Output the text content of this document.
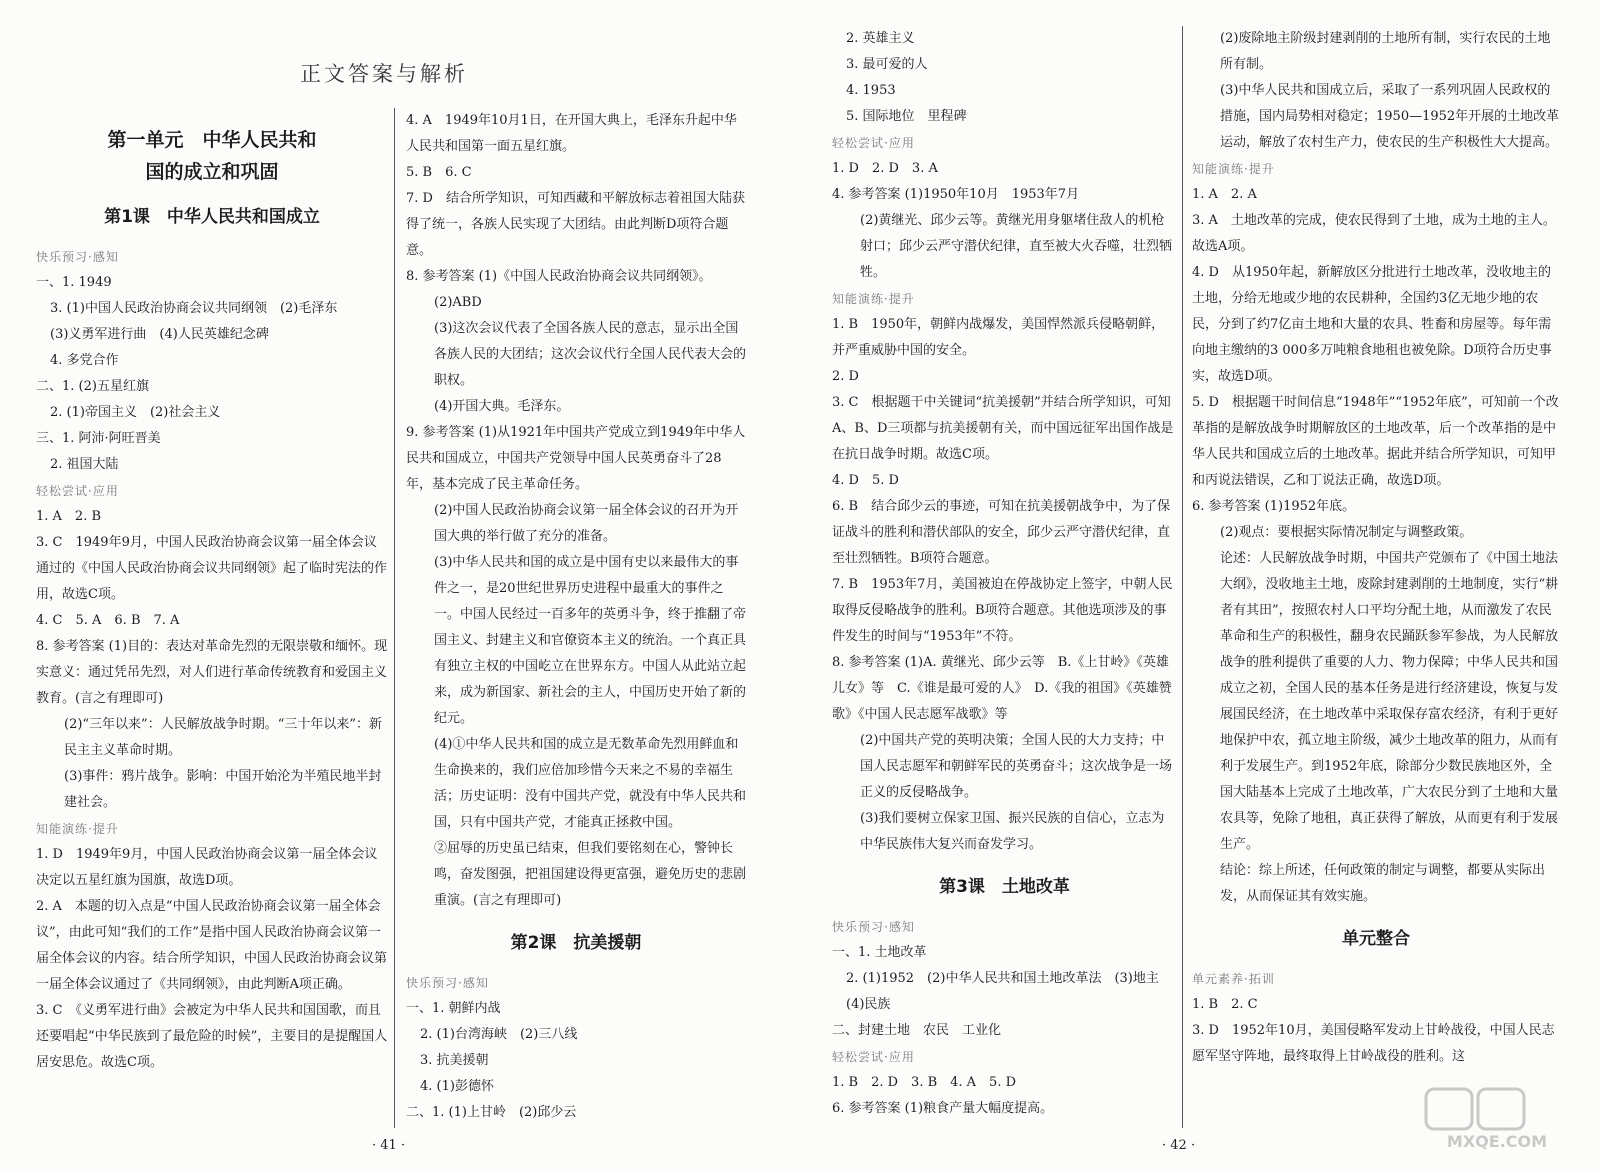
正文答案与解析
第一单元　中华人民共和
国的成立和巩固
第1课　中华人民共和国成立

快乐预习·感知

一、1. 1949

3. (1)中国人民政治协商会议共同纲领　(2)毛泽东

(3)义勇军进行曲　(4)人民英雄纪念碑

4. 多党合作

二、1. (2)五星红旗

2. (1)帝国主义　(2)社会主义

三、1. 阿沛·阿旺晋美

2. 祖国大陆

轻松尝试·应用

1. A　2. B

3. C　1949年9月，中国人民政治协商会议第一届全体会议通过的《中国人民政治协商会议共同纲领》起了临时宪法的作用，故选C项。

4. C　5. A　6. B　7. A

8. 参考答案 (1)目的：表达对革命先烈的无限崇敬和缅怀。现实意义：通过凭吊先烈，对人们进行革命传统教育和爱国主义教育。(言之有理即可)

(2)“三年以来”：人民解放战争时期。“三十年以来”：新民主主义革命时期。

(3)事件：鸦片战争。影响：中国开始沦为半殖民地半封建社会。

知能演练·提升

1. D　1949年9月，中国人民政治协商会议第一届全体会议决定以五星红旗为国旗，故选D项。

2. A　本题的切入点是“中国人民政治协商会议第一届全体会议”，由此可知“我们的工作”是指中国人民政治协商会议第一届全体会议的内容。结合所学知识，中国人民政治协商会议第一届全体会议通过了《共同纲领》，由此判断A项正确。

3. C　《义勇军进行曲》会被定为中华人民共和国国歌，而且还要唱起“中华民族到了最危险的时候”，主要目的是提醒国人居安思危。故选C项。

4. A　1949年10月1日，在开国大典上，毛泽东升起中华人民共和国第一面五星红旗。

5. B　6. C

7. D　结合所学知识，可知西藏和平解放标志着祖国大陆获得了统一，各族人民实现了大团结。由此判断D项符合题意。

8. 参考答案 (1)《中国人民政治协商会议共同纲领》。

(2)ABD

(3)这次会议代表了全国各族人民的意志，显示出全国各族人民的大团结；这次会议代行全国人民代表大会的职权。

(4)开国大典。毛泽东。

9. 参考答案 (1)从1921年中国共产党成立到1949年中华人民共和国成立，中国共产党领导中国人民英勇奋斗了28年，基本完成了民主革命任务。

(2)中国人民政治协商会议第一届全体会议的召开为开国大典的举行做了充分的准备。

(3)中华人民共和国的成立是中国有史以来最伟大的事件之一，是20世纪世界历史进程中最重大的事件之一。中国人民经过一百多年的英勇斗争，终于推翻了帝国主义、封建主义和官僚资本主义的统治。一个真正具有独立主权的中国屹立在世界东方。中国人从此站立起来，成为新国家、新社会的主人，中国历史开始了新的纪元。

(4)①中华人民共和国的成立是无数革命先烈用鲜血和生命换来的，我们应倍加珍惜今天来之不易的幸福生活；历史证明：没有中国共产党，就没有中华人民共和国，只有中国共产党，才能真正拯救中国。

②屈辱的历史虽已结束，但我们要铭刻在心，警钟长鸣，奋发图强，把祖国建设得更富强，避免历史的悲剧重演。(言之有理即可)

第2课　抗美援朝

快乐预习·感知

一、1. 朝鲜内战

2. (1)台湾海峡　(2)三八线

3. 抗美援朝

4. (1)彭德怀

二、1. (1)上甘岭　(2)邱少云

· 41 ·

2. 英雄主义

3. 最可爱的人

4. 1953

5. 国际地位　里程碑

轻松尝试·应用

1. D　2. D　3. A

4. 参考答案 (1)1950年10月　1953年7月

(2)黄继光、邱少云等。黄继光用身躯堵住敌人的机枪射口；邱少云严守潜伏纪律，直至被大火吞噬，壮烈牺牲。

知能演练·提升

1. B　1950年，朝鲜内战爆发，美国悍然派兵侵略朝鲜，并严重威胁中国的安全。

2. D

3. C　根据题干中关键词“抗美援朝”并结合所学知识，可知A、B、D三项都与抗美援朝有关，而中国远征军出国作战是在抗日战争时期。故选C项。

4. D　5. D

6. B　结合邱少云的事迹，可知在抗美援朝战争中，为了保证战斗的胜利和潜伏部队的安全，邱少云严守潜伏纪律，直至壮烈牺牲。B项符合题意。

7. B　1953年7月，美国被迫在停战协定上签字，中朝人民取得反侵略战争的胜利。B项符合题意。其他选项涉及的事件发生的时间与“1953年”不符。

8. 参考答案 (1)A. 黄继光、邱少云等　B.《上甘岭》《英雄儿女》等　C.《谁是最可爱的人》　D.《我的祖国》《英雄赞歌》《中国人民志愿军战歌》等

(2)中国共产党的英明决策；全国人民的大力支持；中国人民志愿军和朝鲜军民的英勇奋斗；这次战争是一场正义的反侵略战争。

(3)我们要树立保家卫国、振兴民族的自信心，立志为中华民族伟大复兴而奋发学习。

第3课　土地改革

快乐预习·感知

一、1. 土地改革

2. (1)1952　(2)中华人民共和国土地改革法　(3)地主　(4)民族

二、封建土地　农民　工业化

轻松尝试·应用

1. B　2. D　3. B　4. A　5. D

6. 参考答案 (1)粮食产量大幅度提高。

(2)废除地主阶级封建剥削的土地所有制，实行农民的土地所有制。

(3)中华人民共和国成立后，采取了一系列巩固人民政权的措施，国内局势相对稳定；1950—1952年开展的土地改革运动，解放了农村生产力，使农民的生产积极性大大提高。

知能演练·提升

1. A　2. A

3. A　土地改革的完成，使农民得到了土地，成为土地的主人。故选A项。

4. D　从1950年起，新解放区分批进行土地改革，没收地主的土地，分给无地或少地的农民耕种，全国约3亿无地少地的农民，分到了约7亿亩土地和大量的农具、牲畜和房屋等。每年需向地主缴纳的3 000多万吨粮食地租也被免除。D项符合历史事实，故选D项。

5. D　根据题干时间信息“1948年”“1952年底”，可知前一个改革指的是解放战争时期解放区的土地改革，后一个改革指的是中华人民共和国成立后的土地改革。据此并结合所学知识，可知甲和丙说法错误，乙和丁说法正确，故选D项。

6. 参考答案 (1)1952年底。

(2)观点：要根据实际情况制定与调整政策。

论述：人民解放战争时期，中国共产党颁布了《中国土地法大纲》，没收地主土地，废除封建剥削的土地制度，实行“耕者有其田”，按照农村人口平均分配土地，从而激发了农民革命和生产的积极性，翻身农民踊跃参军参战，为人民解放战争的胜利提供了重要的人力、物力保障；中华人民共和国成立之初，全国人民的基本任务是进行经济建设，恢复与发展国民经济，在土地改革中采取保存富农经济，有利于更好地保护中农，孤立地主阶级，减少土地改革的阻力，从而有利于发展生产。到1952年底，除部分少数民族地区外，全国大陆基本上完成了土地改革，广大农民分到了土地和大量农具等，免除了地租，真正获得了解放，从而更有利于发展生产。

结论：综上所述，任何政策的制定与调整，都要从实际出发，从而保证其有效实施。

单元整合

单元素养·拓训

1. B　2. C

3. D　1952年10月，美国侵略军发动上甘岭战役，中国人民志愿军坚守阵地，最终取得上甘岭战役的胜利。这

· 42 ·	MXQE.COM
